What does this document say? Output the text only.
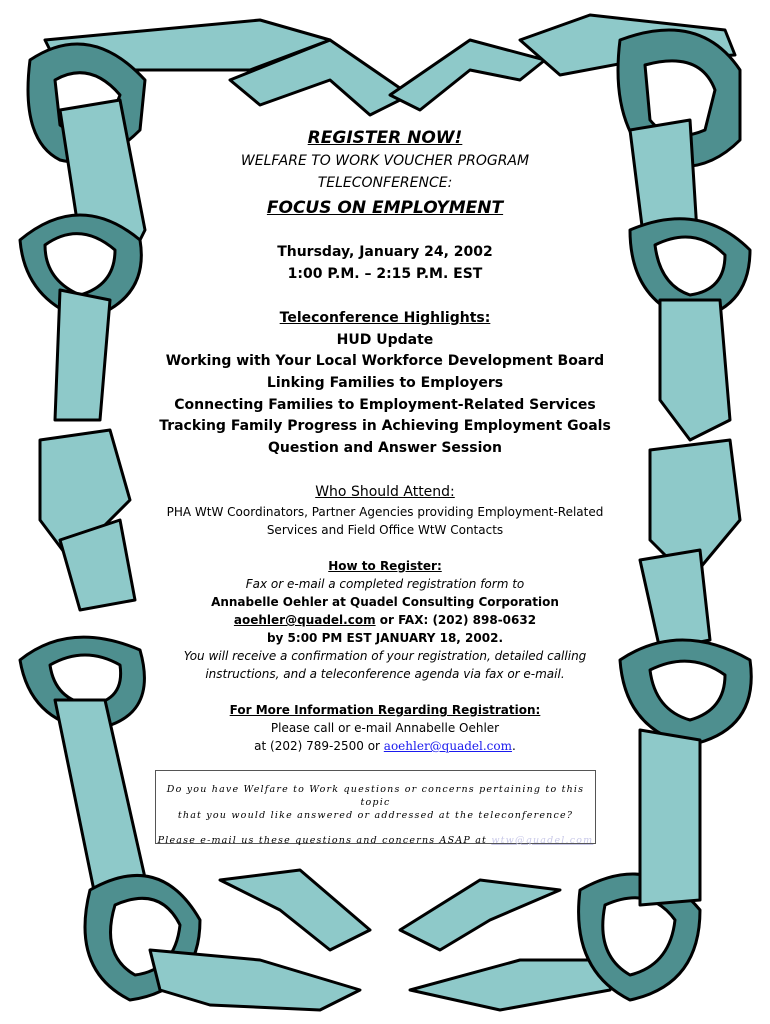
REGISTER NOW!
WELFARE TO WORK VOUCHER PROGRAM
TELECONFERENCE:
FOCUS ON EMPLOYMENT
Thursday, January 24, 2002
1:00 P.M. – 2:15 P.M. EST
Teleconference Highlights:
HUD Update
Working with Your Local Workforce Development Board
Linking Families to Employers
Connecting Families to Employment-Related Services
Tracking Family Progress in Achieving Employment Goals
Question and Answer Session
Who Should Attend:
PHA WtW Coordinators, Partner Agencies providing Employment-Related
Services and Field Office WtW Contacts
How to Register:
Fax or e-mail a completed registration form to
Annabelle Oehler at Quadel Consulting Corporation
aoehler@quadel.com or FAX: (202) 898-0632
by 5:00 PM EST JANUARY 18, 2002.
You will receive a confirmation of your registration, detailed calling
instructions, and a teleconference agenda via fax or e-mail.
For More Information Regarding Registration:
Please call or e-mail Annabelle Oehler
at (202) 789-2500 or aoehler@quadel.com.
Do you have Welfare to Work questions or concerns pertaining to this topic
that you would like answered or addressed at the teleconference?
Please e-mail us these questions and concerns ASAP at wtw@quadel.com
